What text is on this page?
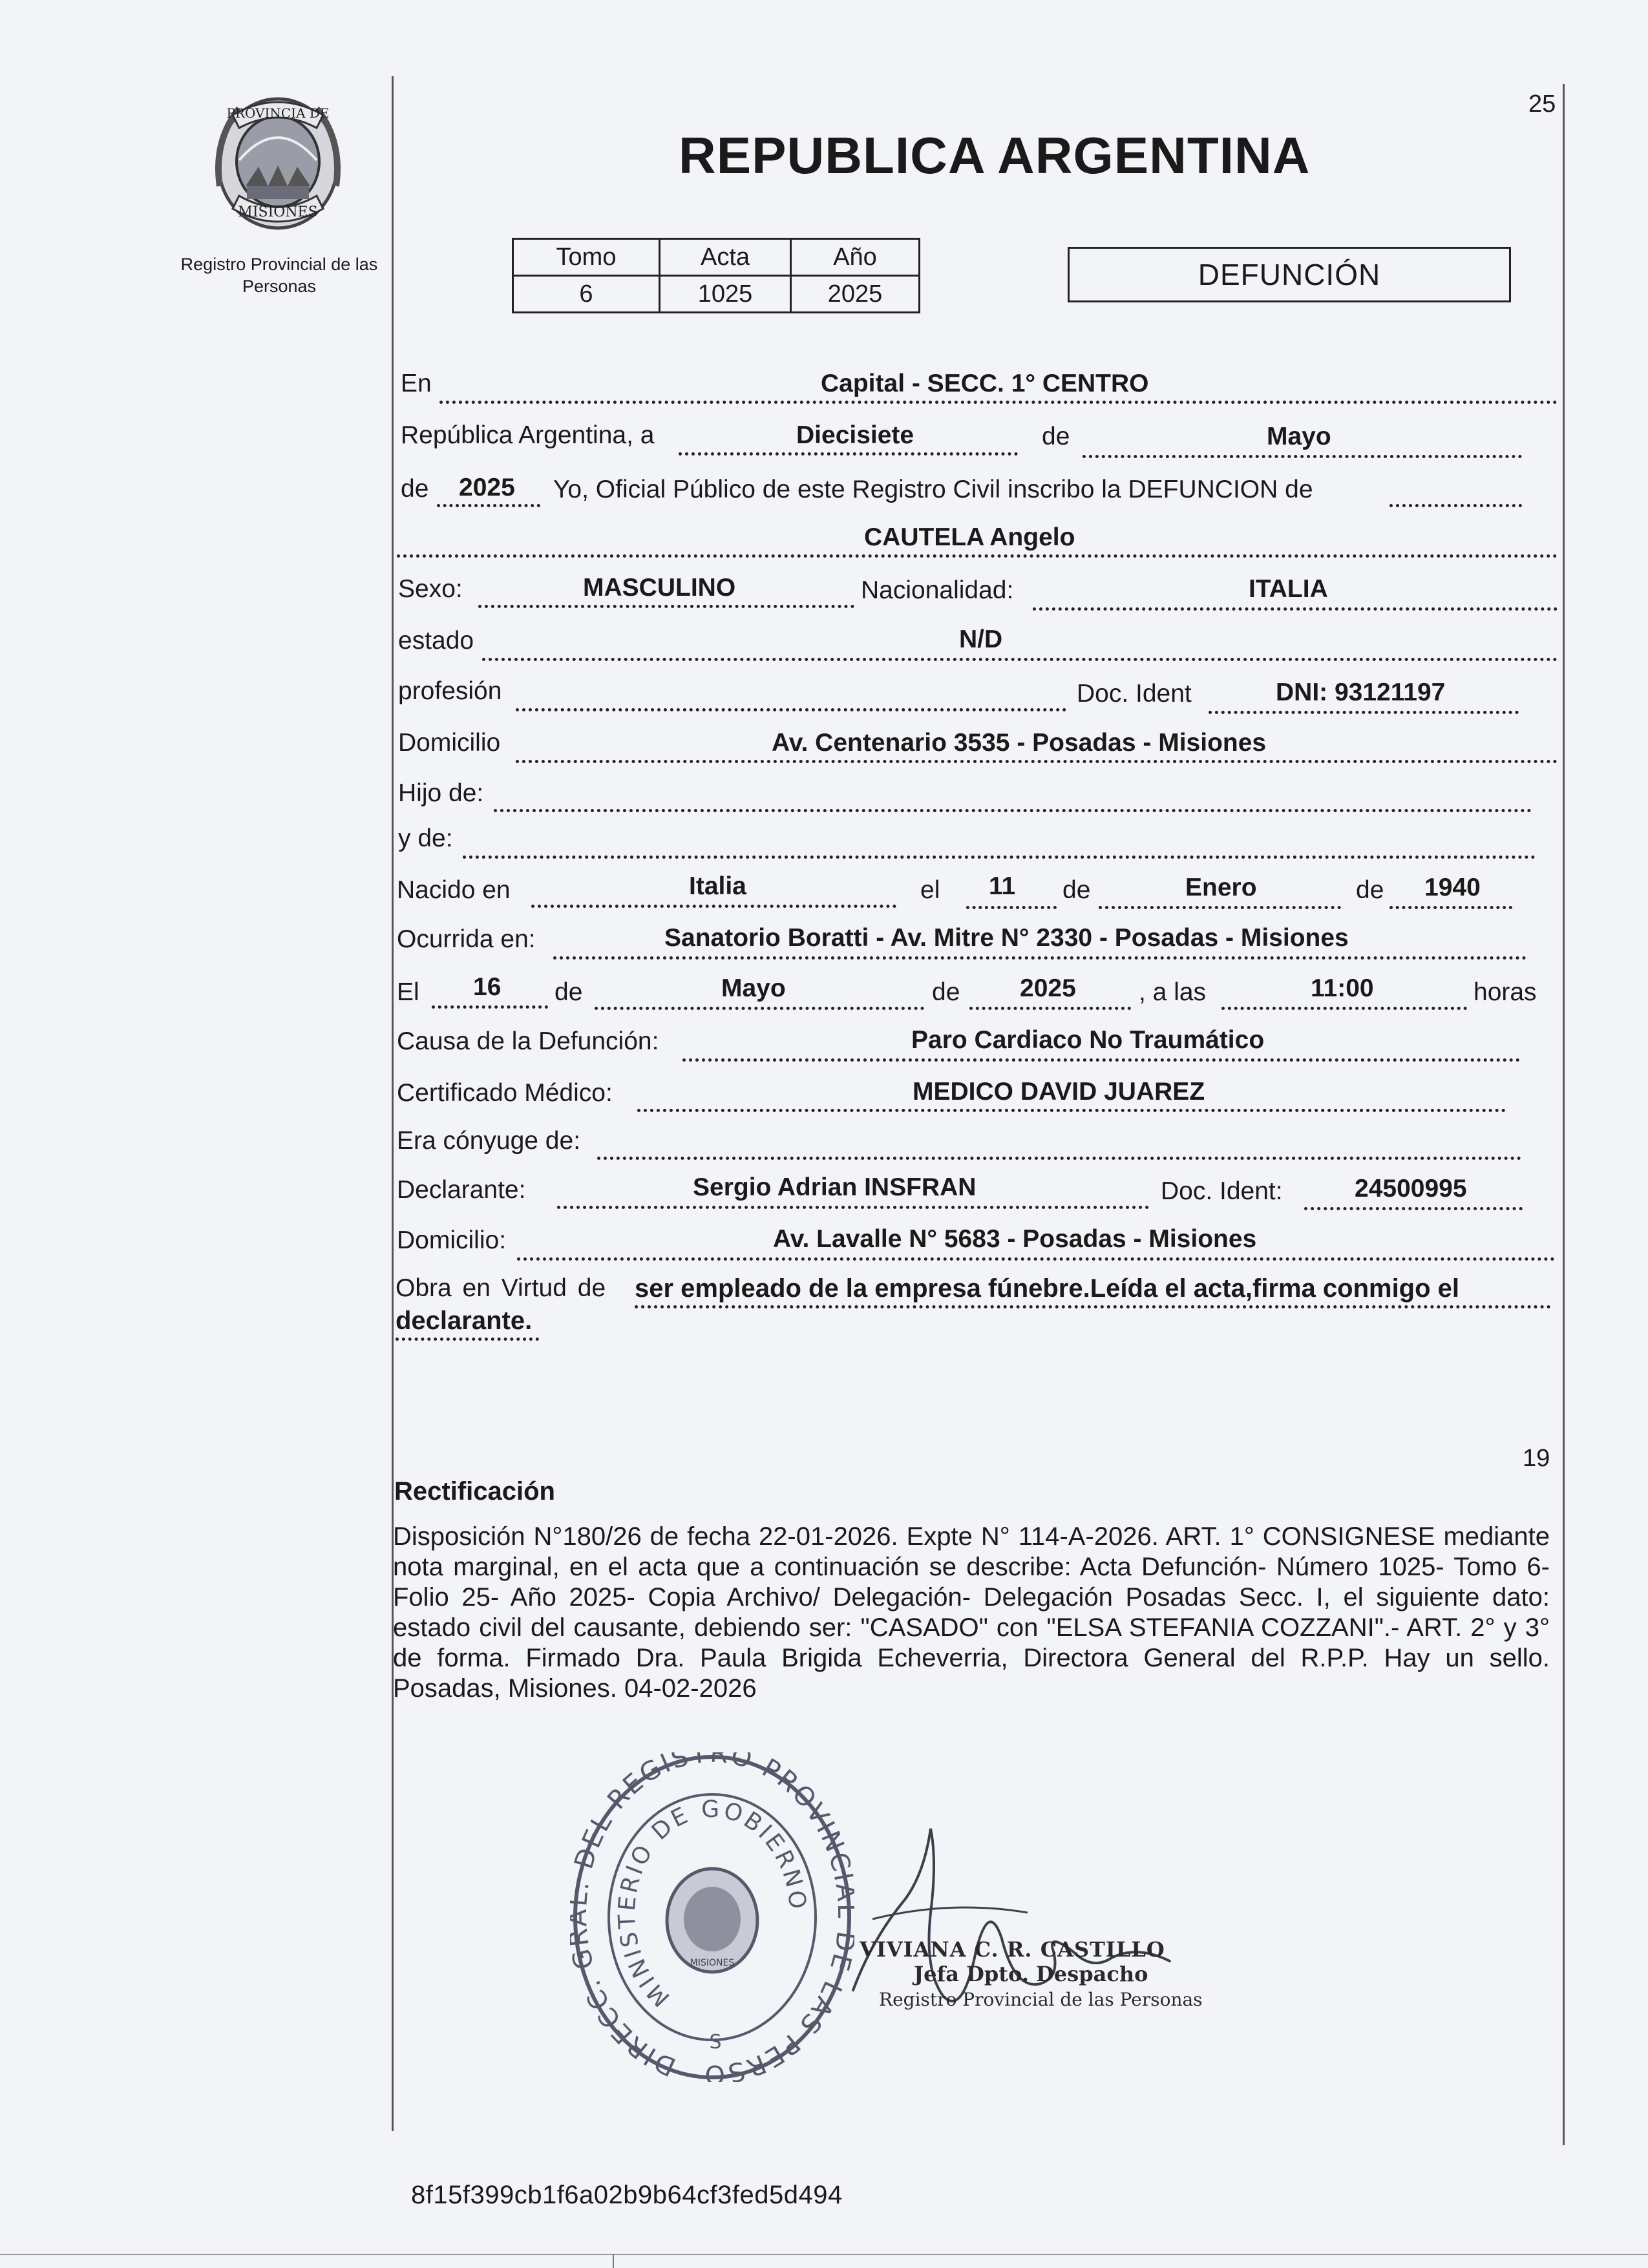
PROVINCIA DE
MISIONES
Registro Provincial de las Personas
REPUBLICA ARGENTINA
25
Tomo	Acta	Año
6	1025	2025
DEFUNCIÓN
En	Capital - SECC. 1° CENTRO
República Argentina, a	Diecisiete	de	Mayo
de 2025 Yo, Oficial Público de este Registro Civil inscribo la DEFUNCION de
CAUTELA Angelo
Sexo:	MASCULINO	Nacionalidad:	ITALIA
estado	N/D
profesión	Doc. Ident	DNI: 93121197
Domicilio	Av. Centenario 3535 - Posadas - Misiones
Hijo de:
y de:
Nacido en	Italia	el 11 de	Enero	de 1940
Ocurrida en:	Sanatorio Boratti - Av. Mitre N° 2330 - Posadas - Misiones
El 16 de	Mayo	de 2025 , a las	11:00	horas
Causa de la Defunción:	Paro Cardiaco No Traumático
Certificado Médico:	MEDICO DAVID JUAREZ
Era cónyuge de:
Declarante:	Sergio Adrian INSFRAN	Doc. Ident:	24500995
Domicilio:	Av. Lavalle N° 5683 - Posadas - Misiones
Obra en Virtud de ser empleado de la empresa fúnebre.Leída el acta,firma conmigo el
declarante.
19
Rectificación
Disposición N°180/26 de fecha 22-01-2026. Expte N° 114-A-2026. ART. 1° CONSIGNESE mediante nota marginal, en el acta que a continuación se describe: Acta Defunción- Número 1025- Tomo 6- Folio 25- Año 2025- Copia Archivo/ Delegación- Delegación Posadas Secc. I, el siguiente dato: estado civil del causante, debiendo ser: "CASADO" con "ELSA STEFANIA COZZANI".- ART. 2° y 3° de forma. Firmado Dra. Paula Brigida Echeverria, Directora General del R.P.P. Hay un sello. Posadas, Misiones. 04-02-2026
DIRECC. DEL REGISTRO PROVINC E LAS PERSO
MINISTERIO DE GOBIERNO
MISIONES
S
VIVIANA C. R. CASTILLO
Jefa Dpto. Despacho
Registro Provincial de las Personas
8f15f399cb1f6a02b9b64cf3fed5d494
